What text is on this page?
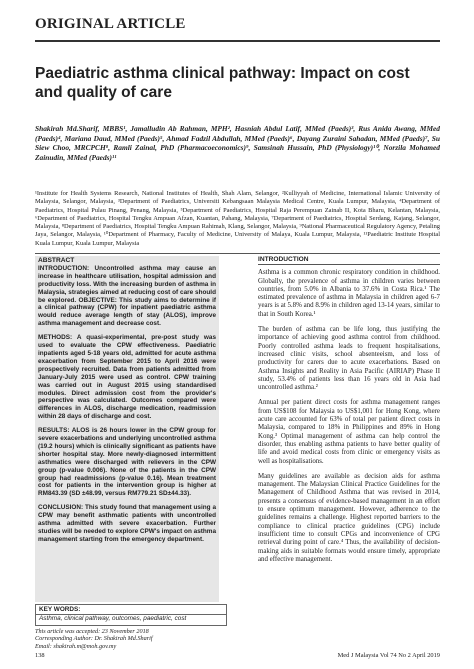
ORIGINAL ARTICLE
Paediatric asthma clinical pathway: Impact on cost and quality of care
Shakirah Md.Sharif, MBBS¹, Jamalludin Ab Rahman, MPH², Hasniah Abdul Latif, MMed (Paeds)³, Rus Anida Awang, MMed (Paeds)⁴, Mariana Daud, MMed (Paeds)⁵, Ahmad Fadzil Abdullah, MMed (Paeds)⁶, Dayang Zuraini Sahadan, MMed (Paeds)⁷, Su Siew Choo, MRCPCH⁸, Ramli Zainal, PhD (Pharmacoeconomics)⁹, Samsinah Hussain, PhD (Physiology)¹⁰, Norzila Mohamed Zainudin, MMed (Paeds)¹¹
¹Institute for Health Systems Research, National Institutes of Health, Shah Alam, Selangor, ²Kulliyyah of Medicine, International Islamic University of Malaysia, Selangor, Malaysia, ³Department of Paediatrics, Universiti Kebangsaan Malaysia Medical Centre, Kuala Lumpur, Malaysia, ⁴Department of Paediatrics, Hospital Pulau Pinang, Penang, Malaysia, ⁵Department of Paediatrics, Hospital Raja Perempuan Zainab II, Kota Bharu, Kelantan, Malaysia, ⁶Department of Paediatrics, Hospital Tengku Ampuan Afzan, Kuantan, Pahang, Malaysia, ⁷Department of Paediatrics, Hospital Serdang, Kajang, Selangor, Malaysia, ⁸Department of Paediatrics, Hospital Tengku Ampuan Rahimah, Klang, Selangor, Malaysia, ⁹National Pharmaceutical Regulatory Agency, Petaling Jaya, Selangor, Malaysia, ¹⁰Department of Pharmacy, Faculty of Medicine, University of Malaya, Kuala Lumpur, Malaysia, ¹¹Paediatric Institute Hospital Kuala Lumpur, Kuala Lumpur, Malaysia
ABSTRACT

INTRODUCTION: Uncontrolled asthma may cause an increase in healthcare utilisation, hospital admission and productivity loss. With the increasing burden of asthma in Malaysia, strategies aimed at reducing cost of care should be explored. OBJECTIVE: This study aims to determine if a clinical pathway (CPW) for inpatient paediatric asthma would reduce average length of stay (ALOS), improve asthma management and decrease cost.

METHODS: A quasi-experimental, pre-post study was used to evaluate the CPW effectiveness. Paediatric inpatients aged 5-18 years old, admitted for acute asthma exacerbation from September 2015 to April 2016 were prospectively recruited. Data from patients admitted from January-July 2015 were used as control. CPW training was carried out in August 2015 using standardised modules. Direct admission cost from the provider's perspective was calculated. Outcomes compared were differences in ALOS, discharge medication, readmission within 28 days of discharge and cost.

RESULTS: ALOS is 26 hours lower in the CPW group for severe exacerbations and underlying uncontrolled asthma (19.2 hours) which is clinically significant as patients have shorter hospital stay. More newly-diagnosed intermittent asthmatics were discharged with relievers in the CPW group (p-value 0.006). None of the patients in the CPW group had readmissions (p-value 0.16). Mean treatment cost for patients in the intervention group is higher at RM843.39 (SD ±48.99, versus RM779.21 SD±44.33).

CONCLUSION: This study found that management using a CPW may benefit asthmatic patients with uncontrolled asthma admitted with severe exacerbation. Further studies will be needed to explore CPW's impact on asthma management starting from the emergency department.

KEY WORDS:
Asthma, clinical pathway, outcomes, paediatric, cost
This article was accepted: 23 November 2018
Corresponding Author: Dr. Shakirah Md.Sharif
Email: shakirah.m@moh.gov.my
INTRODUCTION

Asthma is a common chronic respiratory condition in childhood. Globally, the prevalence of asthma in children varies between countries, from 5.0% in Albania to 37.6% in Costa Rica.¹ The estimated prevalence of asthma in Malaysia in children aged 6-7 years is at 5.8% and 8.9% in children aged 13-14 years, similar to that in South Korea.¹

The burden of asthma can be life long, thus justifying the importance of achieving good asthma control from childhood. Poorly controlled asthma leads to frequent hospitalisations, increased clinic visits, school absenteeism, and loss of productivity for carers due to acute exacerbations. Based on Asthma Insights and Reality in Asia Pacific (AIRIAP) Phase II study, 53.4% of patients less than 16 years old in Asia had uncontrolled asthma.²

Annual per patient direct costs for asthma management ranges from US$108 for Malaysia to US$1,001 for Hong Kong, where acute care accounted for 63% of total per patient direct costs in Malaysia, compared to 18% in Philippines and 89% in Hong Kong.³ Optimal management of asthma can help control the disorder, thus enabling asthma patients to have better quality of life and avoid medical costs from clinic or emergency visits as well as hospitalisations.

Many guidelines are available as decision aids for asthma management. The Malaysian Clinical Practice Guidelines for the Management of Childhood Asthma that was revised in 2014, presents a consensus of evidence-based management in an effort to ensure optimum management. However, adherence to the guidelines remains a challenge. Highest reported barriers to the compliance to clinical practice guidelines (CPG) include insufficient time to consult CPGs and inconvenience of CPG retrieval during point of care.⁴ Thus, the availability of decision-making aids in suitable formats would ensure timely, appropriate and effective management.

138	Med J Malaysia Vol 74 No 2 April 2019
